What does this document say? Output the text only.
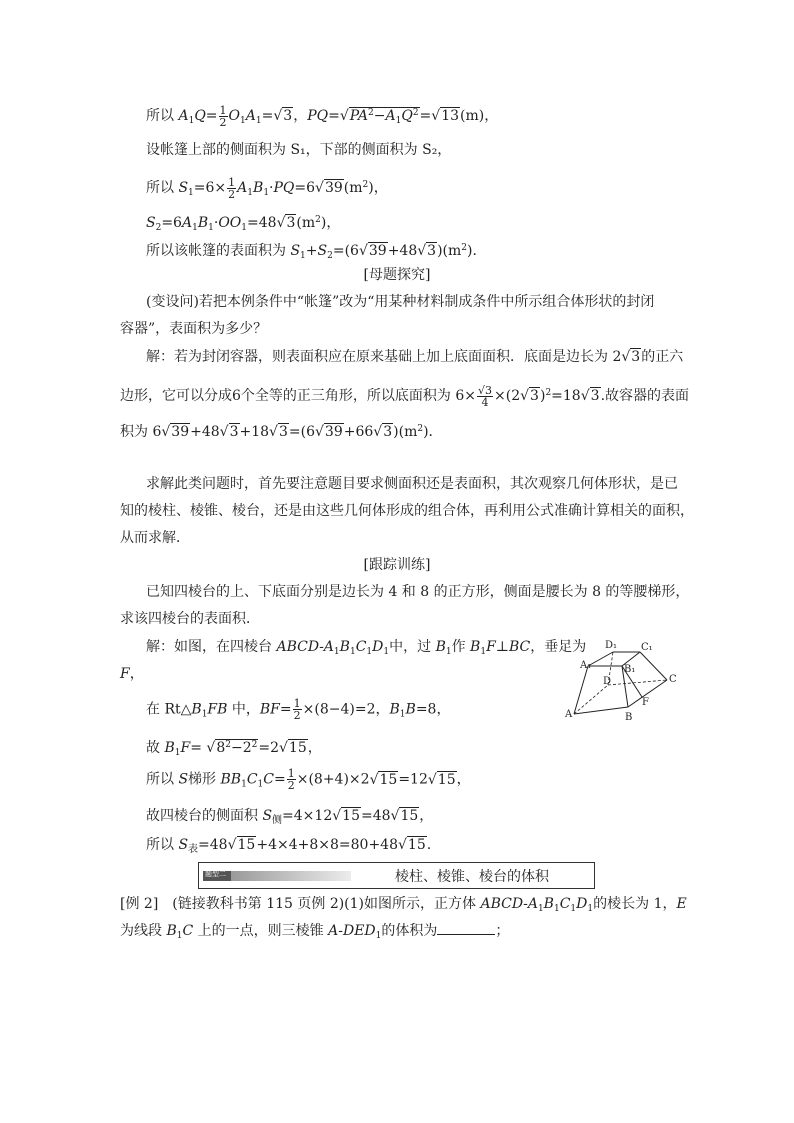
所以 $A_1Q= \frac{1}{2} O_1A_1=√3$，$PQ=√PA^2-A_1Q^2=√13(m)$，
设帐篷上部的侧面积为 S₁，下部的侧面积为 S₂，
所以 $S_1=6\times \frac{1}{2} A_1B_1\cdot PQ=6√39(m^2)$，
$S_2=6A_1B_1\cdot OO_1=48√3(m^2)$，
所以该帐篷的表面积为 $S_1+S_2=(6√39+48√3)(m^2)$．
[母题探究]
(变设问)若把本例条件中“帐篷”改为“用某种材料制成条件中所示组合体形状的封闭
容器”，表面积为多少？
解：若为封闭容器，则表面积应在原来基础上加上底面面积．底面是边长为 2√3的正六
边形，它可以分成6个全等的正三角形，所以底面积为 $6\times \frac{√3}{4} \times(2√3)^2=18√3$.故容器的表面
积为 $6√39+48√3+18√3=(6√39+66√3)(m^2)$．
求解此类问题时，首先要注意题目要求侧面积还是表面积，其次观察几何体形状，是已
知的棱柱、棱锥、棱台，还是由这些几何体形成的组合体，再利用公式准确计算相关的面积，
从而求解．
[跟踪训练]
已知四棱台的上、下底面分别是边长为 4 和 8 的正方形，侧面是腰长为 8 的等腰梯形，
求该四棱台的表面积．
解：如图，在四棱台 ABCD-$A_1B_1C_1D_1$中，过 $B_1$作 $B_1F\perp BC$，垂足为
F，
在 $Rt\triangle B_1FB$ 中，$BF= \frac{1}{2} \times(8-4)=2$，$B_1B=8$，
故 $B_1F= √8^2-2^2=2√15$，
所以 S梯形 $BB_1C_1C= \frac{1}{2} \times(8+4)\times 2√15=12√15$，
故四棱台的侧面积 $S_侧=4\times 12√15=48√15$，
所以 $S_表=48√15+4\times 4+8\times 8=80+48√15$.
题型二	棱柱、棱锥、棱台的体积
[例 2]　(链接教科书第 115 页例 2)(1)如图所示，正方体 ABCD-$A_1B_1C_1D_1$的棱长为 1，E
为线段 $B_1C$ 上的一点，则三棱锥 $A-DED_1$的体积为	；
D₁ C₁
A₁	B₁
D	C
A	B
F
